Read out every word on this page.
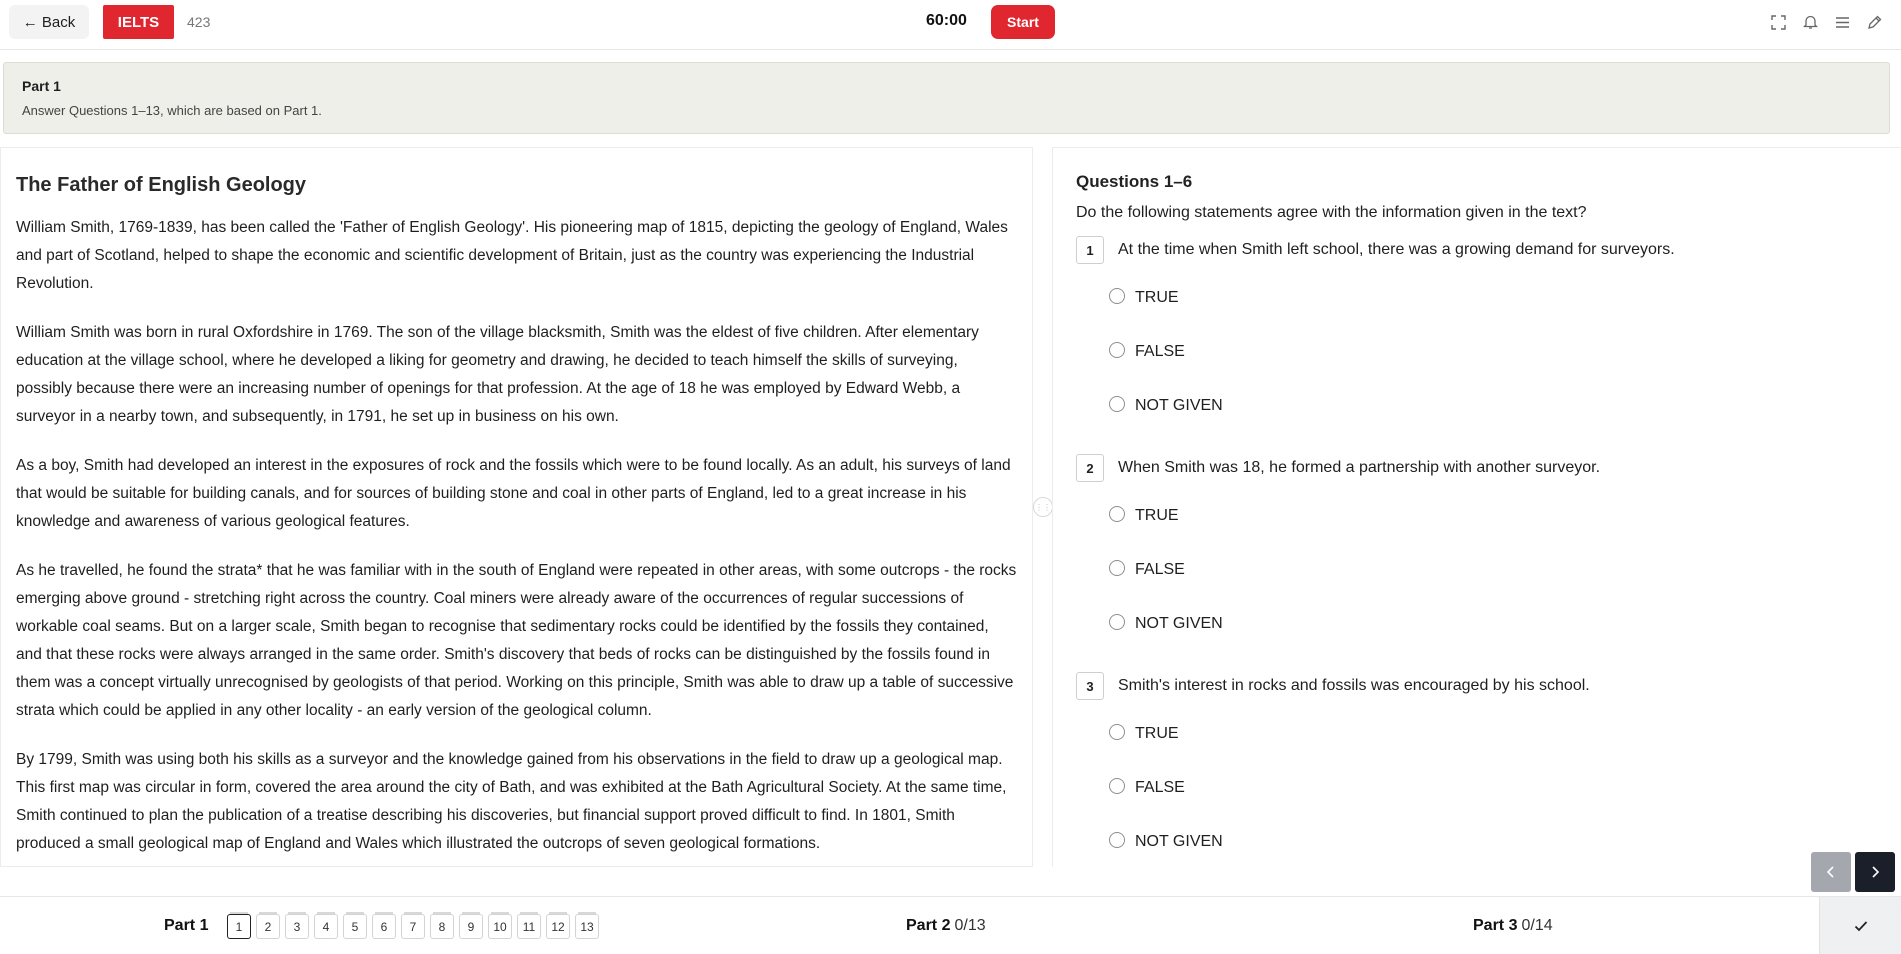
← Back	IELTS	423	60:00	Start
Part 1
Answer Questions 1–13, which are based on Part 1.
The Father of English Geology

William Smith, 1769-1839, has been called the 'Father of English Geology'. His pioneering map of 1815, depicting the geology of England, Wales and part of Scotland, helped to shape the economic and scientific development of Britain, just as the country was experiencing the Industrial Revolution.

William Smith was born in rural Oxfordshire in 1769. The son of the village blacksmith, Smith was the eldest of five children. After elementary education at the village school, where he developed a liking for geometry and drawing, he decided to teach himself the skills of surveying, possibly because there were an increasing number of openings for that profession. At the age of 18 he was employed by Edward Webb, a surveyor in a nearby town, and subsequently, in 1791, he set up in business on his own.

As a boy, Smith had developed an interest in the exposures of rock and the fossils which were to be found locally. As an adult, his surveys of land that would be suitable for building canals, and for sources of building stone and coal in other parts of England, led to a great increase in his knowledge and awareness of various geological features.

As he travelled, he found the strata* that he was familiar with in the south of England were repeated in other areas, with some outcrops - the rocks emerging above ground - stretching right across the country. Coal miners were already aware of the occurrences of regular successions of workable coal seams. But on a larger scale, Smith began to recognise that sedimentary rocks could be identified by the fossils they contained, and that these rocks were always arranged in the same order. Smith's discovery that beds of rocks can be distinguished by the fossils found in them was a concept virtually unrecognised by geologists of that period. Working on this principle, Smith was able to draw up a table of successive strata which could be applied in any other locality - an early version of the geological column.

By 1799, Smith was using both his skills as a surveyor and the knowledge gained from his observations in the field to draw up a geological map. This first map was circular in form, covered the area around the city of Bath, and was exhibited at the Bath Agricultural Society. At the same time, Smith continued to plan the publication of a treatise describing his discoveries, but financial support proved difficult to find. In 1801, Smith produced a small geological map of England and Wales which illustrated the outcrops of seven geological formations.

⋮⋮
Questions 1–6
Do the following statements agree with the information given in the text?
1	At the time when Smith left school, there was a growing demand for surveyors.
TRUE
FALSE
NOT GIVEN
2	When Smith was 18, he formed a partnership with another surveyor.
TRUE
FALSE
NOT GIVEN
3	Smith's interest in rocks and fossils was encouraged by his school.
TRUE
FALSE
NOT GIVEN
Part 1	1	2	3	4	5	6	7	8	9	10	11	12	13	Part 2 0/13	Part 3 0/14
